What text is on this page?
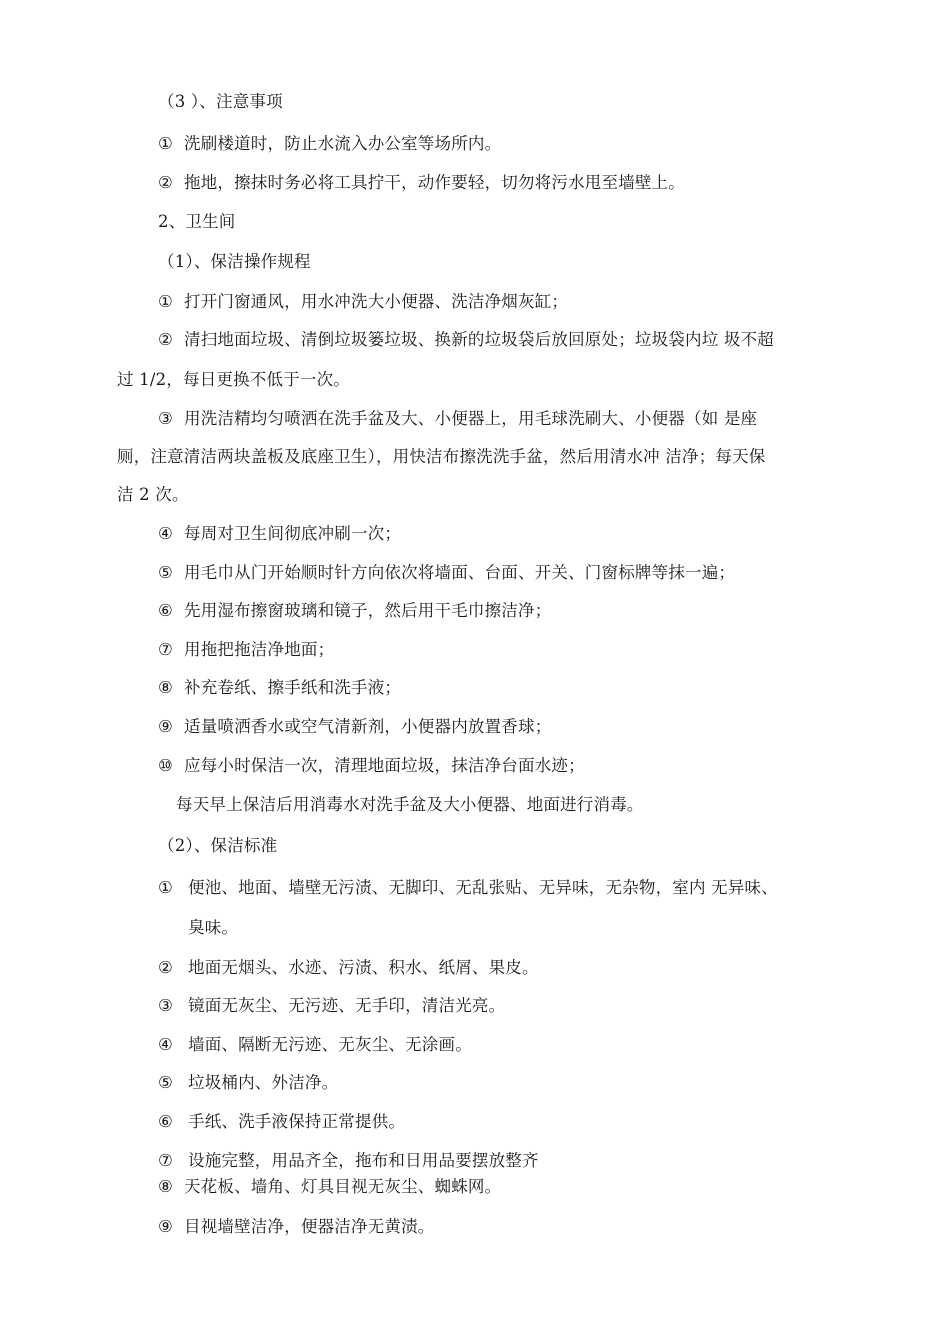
（3 ）、注意事项
① 洗刷楼道时，防止水流入办公室等场所内。
② 拖地，擦抹时务必将工具拧干，动作要轻，切勿将污水甩至墙壁上。
2、卫生间
（1）、保洁操作规程
① 打开门窗通风，用水冲洗大小便器、洗洁净烟灰缸；
② 清扫地面垃圾、清倒垃圾篓垃圾、换新的垃圾袋后放回原处；垃圾袋内垃 圾不超
过 1/2，每日更换不低于一次。
③ 用洗洁精均匀喷洒在洗手盆及大、小便器上，用毛球洗刷大、小便器（如 是座
厕，注意清洁两块盖板及底座卫生），用快洁布擦洗洗手盆，然后用清水冲 洁净；每天保
洁 2 次。
④ 每周对卫生间彻底冲刷一次；
⑤ 用毛巾从门开始顺时针方向依次将墙面、台面、开关、门窗标牌等抹一遍；
⑥ 先用湿布擦窗玻璃和镜子，然后用干毛巾擦洁净；
⑦ 用拖把拖洁净地面；
⑧ 补充卷纸、擦手纸和洗手液；
⑨ 适量喷洒香水或空气清新剂，小便器内放置香球；
⑩ 应每小时保洁一次，清理地面垃圾，抹洁净台面水迹；
每天早上保洁后用消毒水对洗手盆及大小便器、地面进行消毒。
（2）、保洁标准
① 便池、地面、墙壁无污渍、无脚印、无乱张贴、无异味，无杂物，室内 无异味、
臭味。
② 地面无烟头、水迹、污渍、积水、纸屑、果皮。
③ 镜面无灰尘、无污迹、无手印，清洁光亮。
④ 墙面、隔断无污迹、无灰尘、无涂画。
⑤ 垃圾桶内、外洁净。
⑥ 手纸、洗手液保持正常提供。
⑦ 设施完整，用品齐全，拖布和日用品要摆放整齐
⑧ 天花板、墙角、灯具目视无灰尘、蜘蛛网。
⑨ 目视墙壁洁净，便器洁净无黄渍。
